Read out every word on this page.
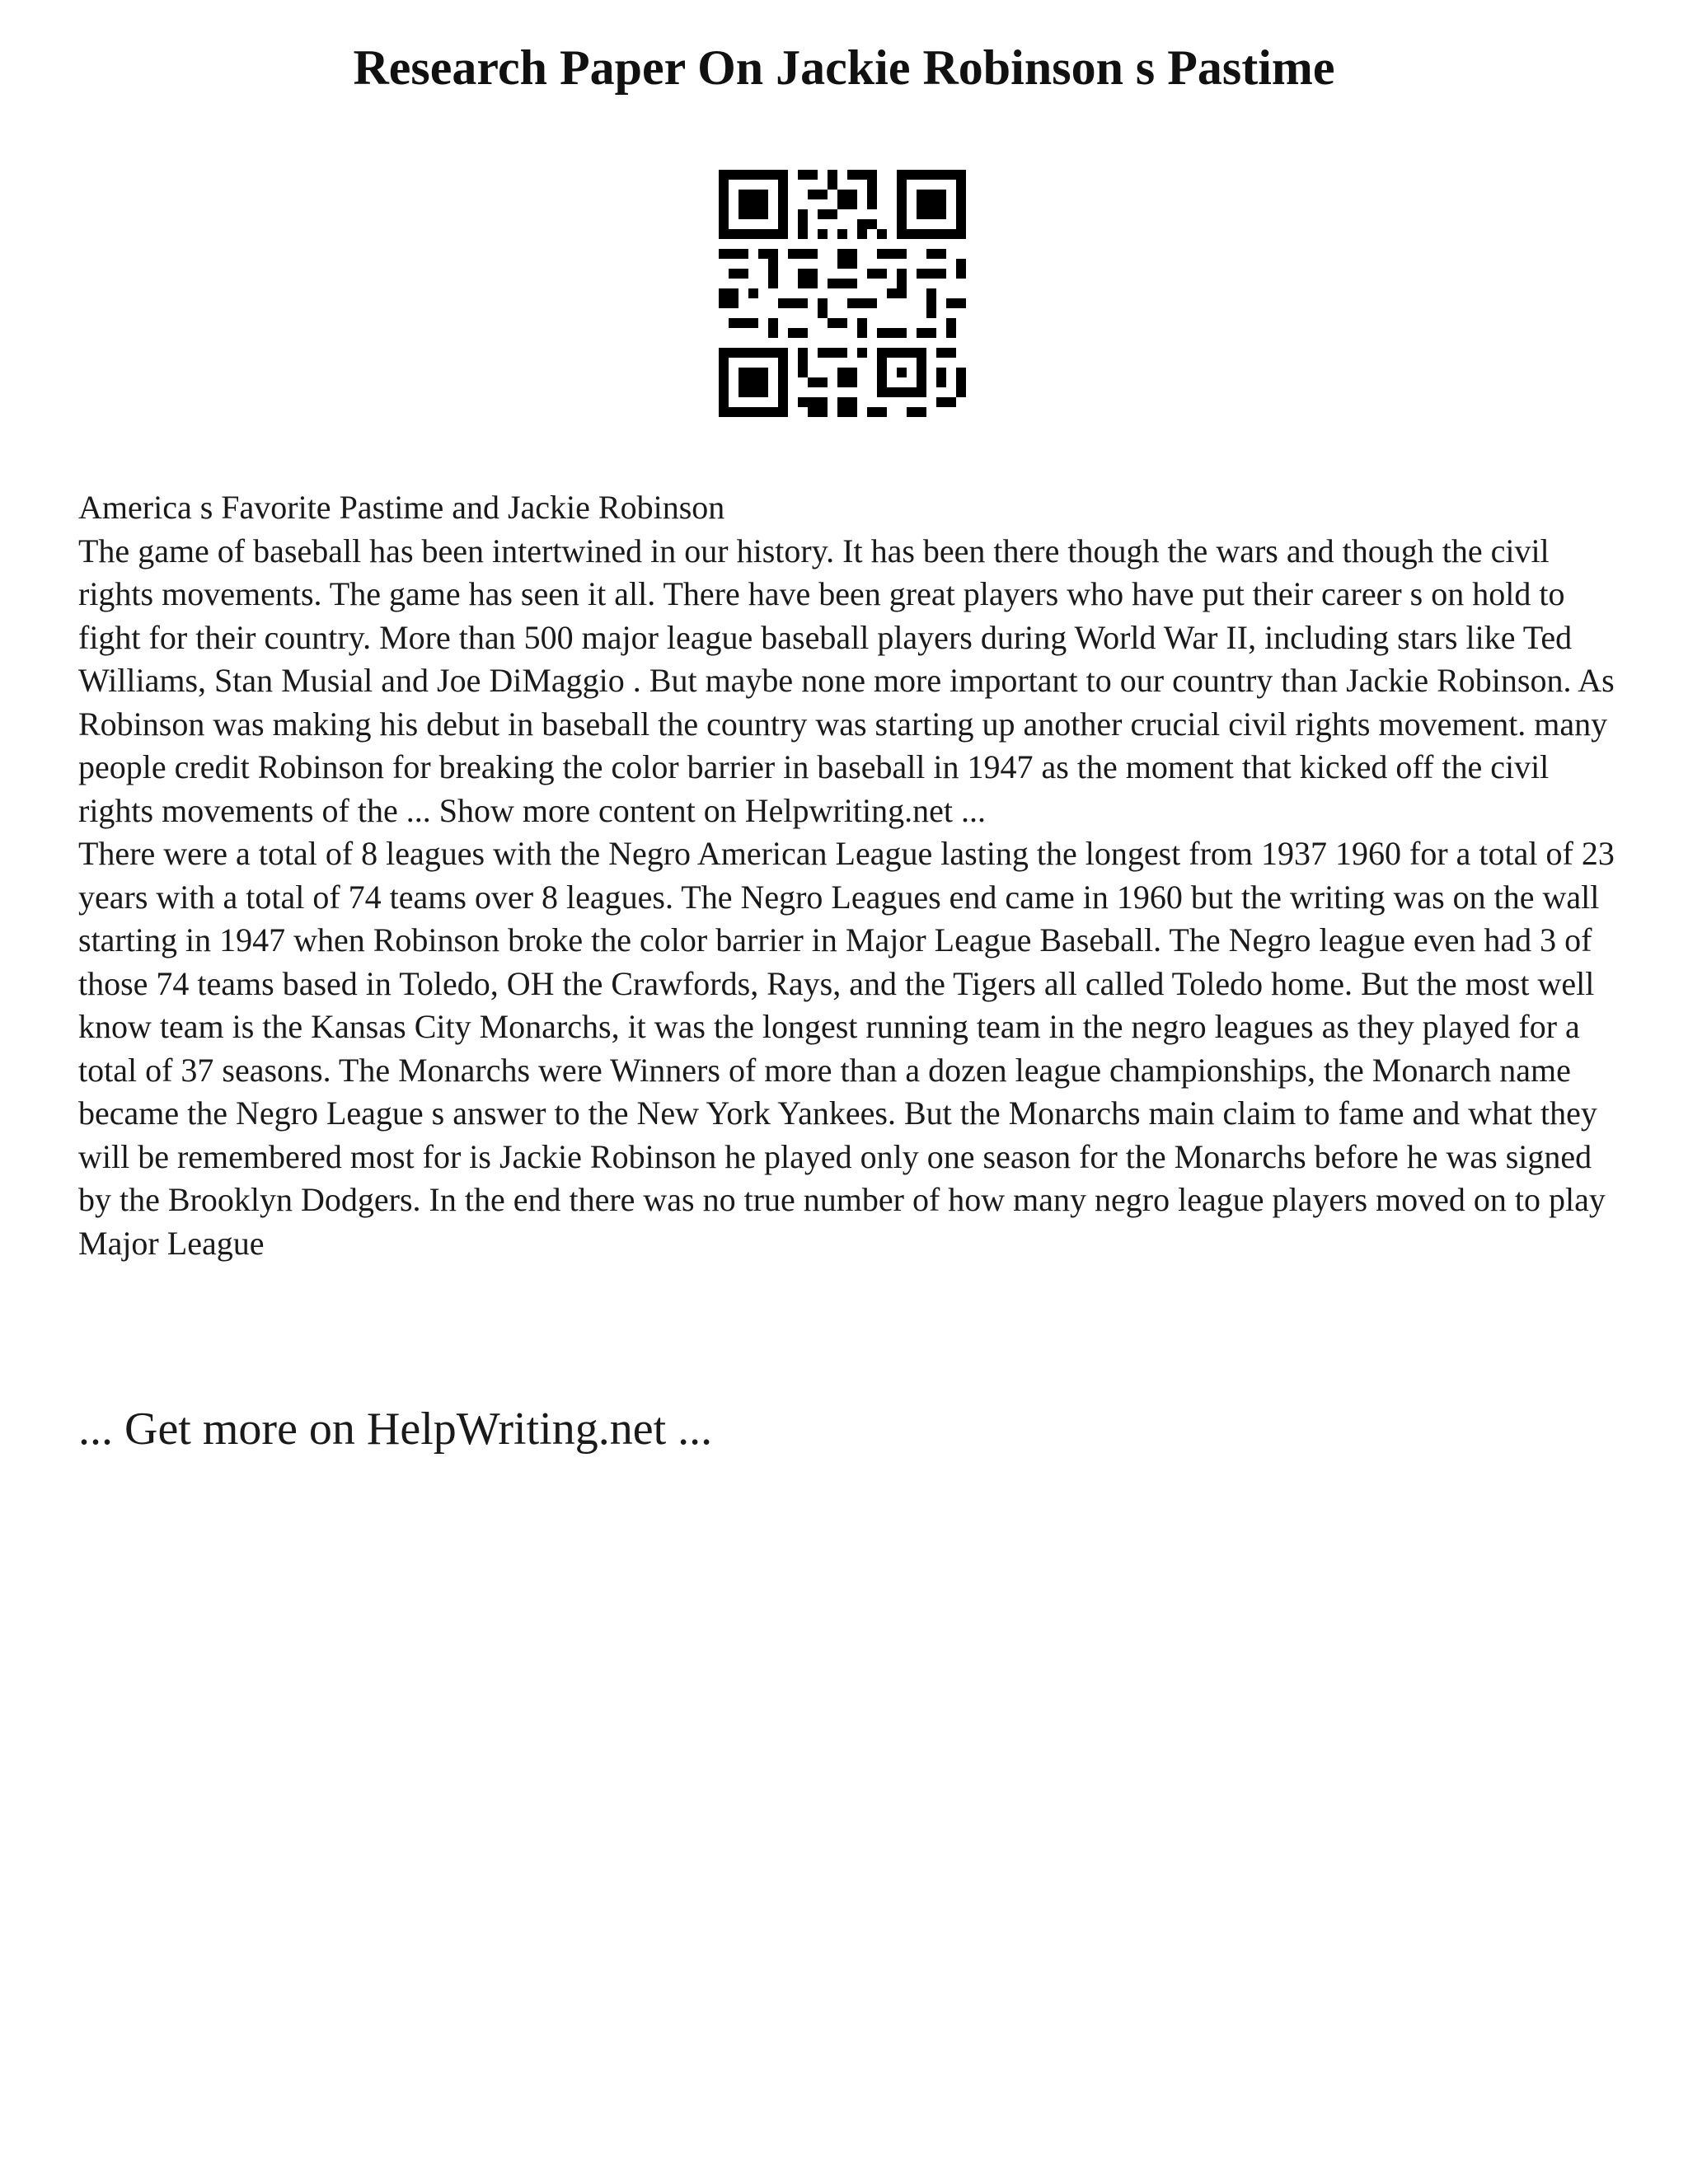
Research Paper On Jackie Robinson s Pastime

America s Favorite Pastime and Jackie Robinson

The game of baseball has been intertwined in our history. It has been there though the wars and though the civil rights movements. The game has seen it all. There have been great players who have put their career s on hold to fight for their country. More than 500 major league baseball players during World War II, including stars like Ted Williams, Stan Musial and Joe DiMaggio . But maybe none more important to our country than Jackie Robinson. As Robinson was making his debut in baseball the country was starting up another crucial civil rights movement. many people credit Robinson for breaking the color barrier in baseball in 1947 as the moment that kicked off the civil rights movements of the ... Show more content on Helpwriting.net ...

There were a total of 8 leagues with the Negro American League lasting the longest from 1937 1960 for a total of 23 years with a total of 74 teams over 8 leagues. The Negro Leagues end came in 1960 but the writing was on the wall starting in 1947 when Robinson broke the color barrier in Major League Baseball. The Negro league even had 3 of those 74 teams based in Toledo, OH the Crawfords, Rays, and the Tigers all called Toledo home. But the most well know team is the Kansas City Monarchs, it was the longest running team in the negro leagues as they played for a total of 37 seasons. The Monarchs were Winners of more than a dozen league championships, the Monarch name became the Negro League s answer to the New York Yankees. But the Monarchs main claim to fame and what they will be remembered most for is Jackie Robinson he played only one season for the Monarchs before he was signed by the Brooklyn Dodgers. In the end there was no true number of how many negro league players moved on to play Major League

... Get more on HelpWriting.net ...
